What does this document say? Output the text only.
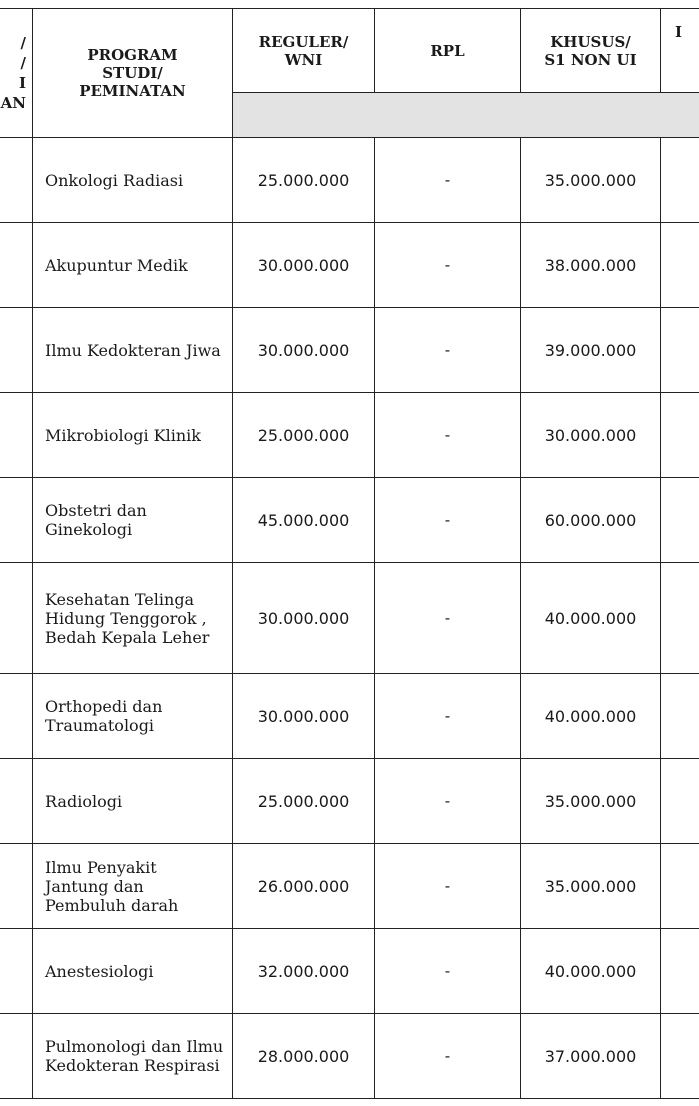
/
/
I
AN	PROGRAM STUDI/ PEMINATAN	REGULER/ WNI	RPL	KHUSUS/ S1 NON UI	I

	Onkologi Radiasi	25.000.000	-	35.000.000	
	Akupuntur Medik	30.000.000	-	38.000.000	
	Ilmu Kedokteran Jiwa	30.000.000	-	39.000.000	
	Mikrobiologi Klinik	25.000.000	-	30.000.000	
	Obstetri dan Ginekologi	45.000.000	-	60.000.000	
	Kesehatan Telinga Hidung Tenggorok , Bedah Kepala Leher	30.000.000	-	40.000.000	
	Orthopedi dan Traumatologi	30.000.000	-	40.000.000	
	Radiologi	25.000.000	-	35.000.000	
	Ilmu Penyakit Jantung dan Pembuluh darah	26.000.000	-	35.000.000	
	Anestesiologi	32.000.000	-	40.000.000	
	Pulmonologi dan Ilmu Kedokteran Respirasi	28.000.000	-	37.000.000	
